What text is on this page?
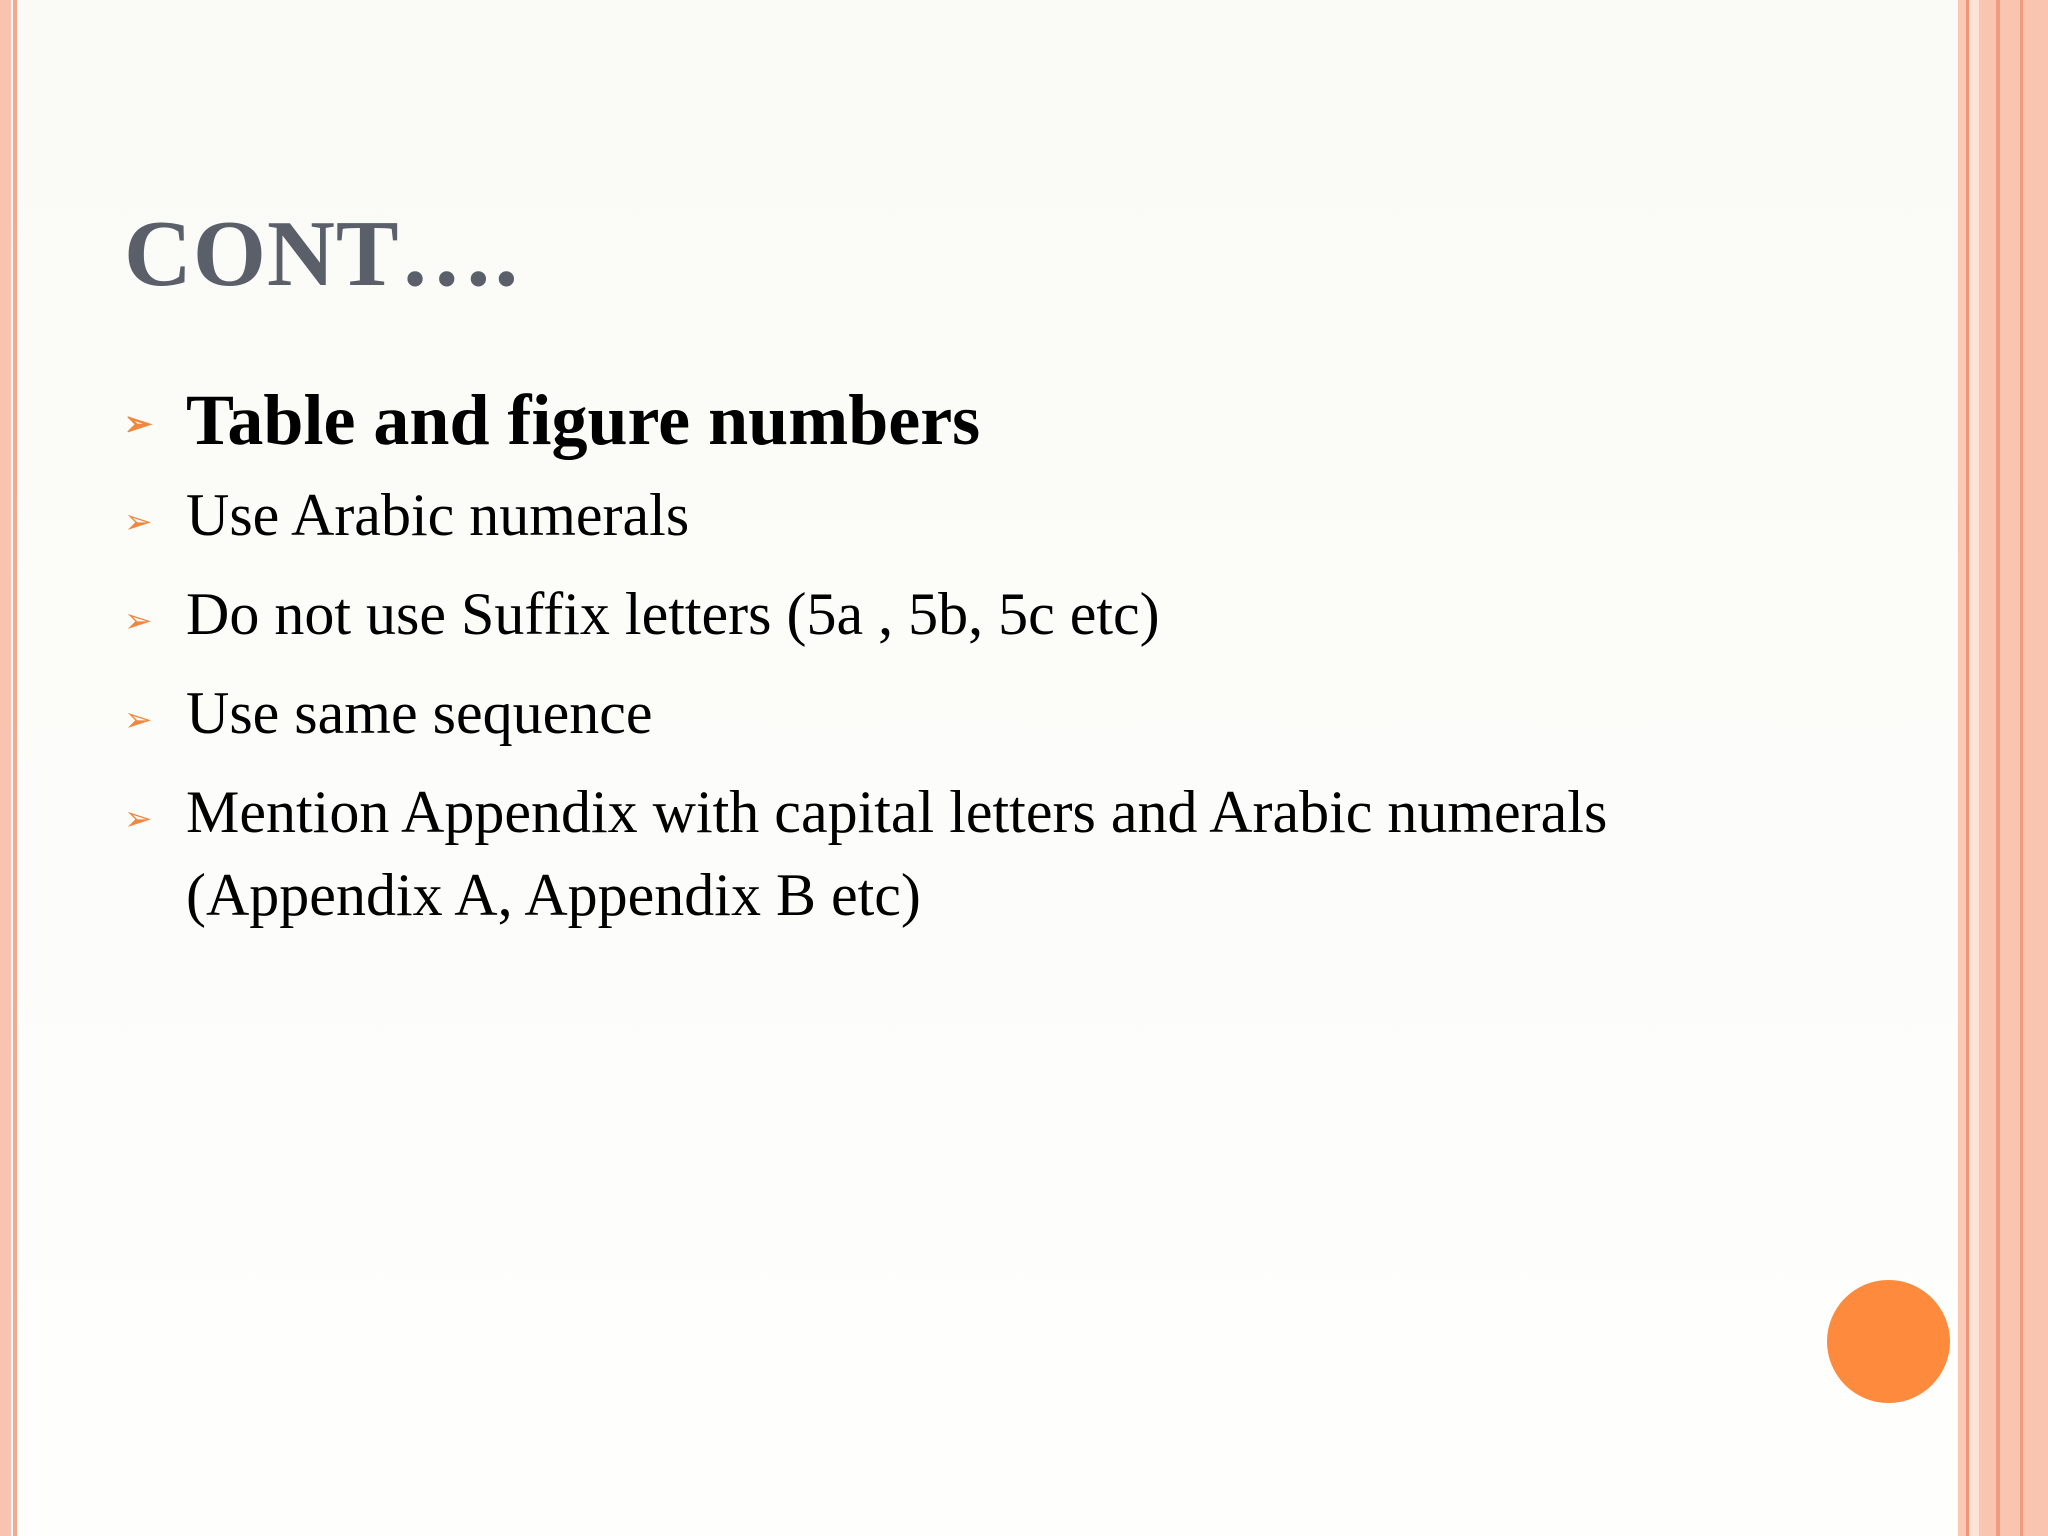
CONT….
➢ Table and figure numbers
➢ Use Arabic numerals
➢ Do not use Suffix letters (5a , 5b, 5c etc)
➢ Use same sequence
➢ Mention Appendix with capital letters and Arabic numerals (Appendix A, Appendix B etc)
